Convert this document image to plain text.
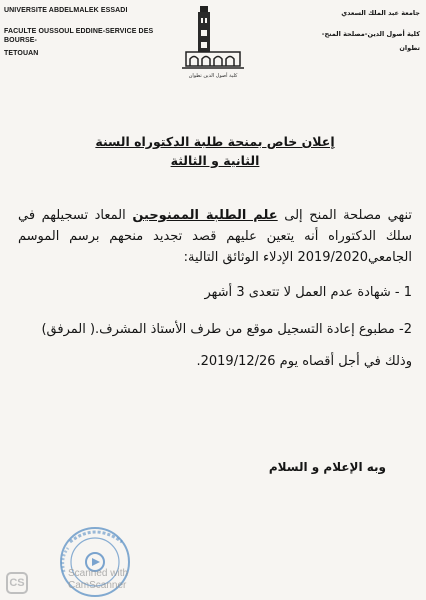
UNIVERSITE ABDELMALEK ESSADI
FACULTE OUSSOUL EDDINE-SERVICE DES
BOURSE-
TETOUAN
كلية أصول الدين تطوان
جامعة عبد الملك السعدي
كلية أصول الدين-مصلحة المنح-
تطوان
إعلان خاص بمنحة طلبة الدكتوراه السنة
الثانية و الثالثة
تنهي مصلحة المنح إلى علم الطلبة الممنوحين المعاد تسجيلهم في سلك الدكتوراه أنه يتعين عليهم قصد تجديد منحهم برسم الموسم الجامعي2019/2020 الإدلاء الوثائق التالية:
1 - شهادة عدم العمل لا تتعدى 3 أشهر
2- مطبوع إعادة التسجيل موقع من طرف الأستاذ المشرف.( المرفق)
وذلك في أجل أقصاه يوم 2019/12/26.
وبه الإعلام و السلام
CS
Scanned with
CamScanner
